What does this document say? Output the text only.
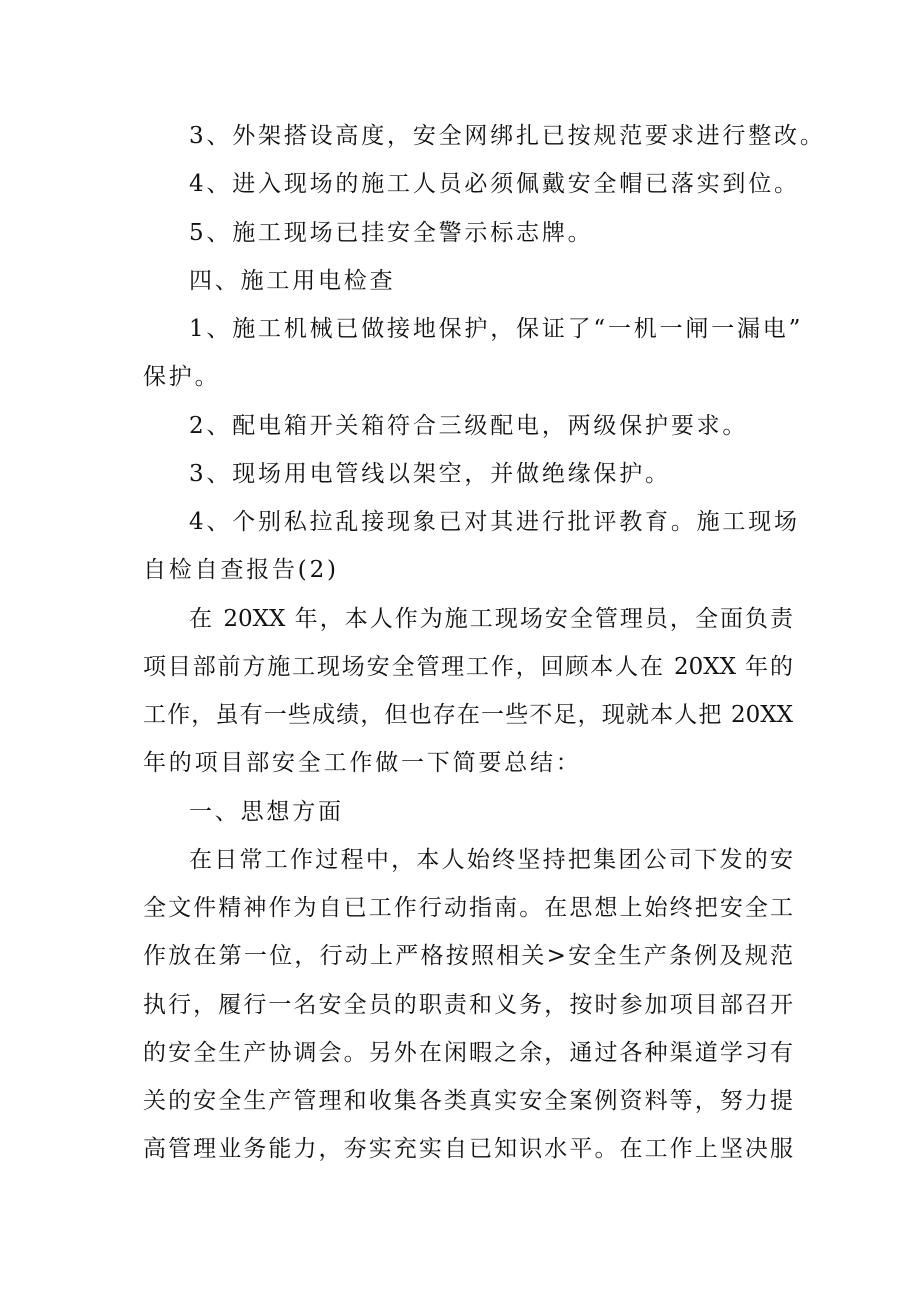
3、外架搭设高度，安全网绑扎已按规范要求进行整改。
4、进入现场的施工人员必须佩戴安全帽已落实到位。
5、施工现场已挂安全警示标志牌。
四、施工用电检查
1、施工机械已做接地保护，保证了“一机一闸一漏电”
保护。
2、配电箱开关箱符合三级配电，两级保护要求。
3、现场用电管线以架空，并做绝缘保护。
4、个别私拉乱接现象已对其进行批评教育。施工现场
自检自查报告(2)
在 20XX 年，本人作为施工现场安全管理员，全面负责
项目部前方施工现场安全管理工作，回顾本人在 20XX 年的
工作，虽有一些成绩，但也存在一些不足，现就本人把 20XX
年的项目部安全工作做一下简要总结：
一、思想方面
在日常工作过程中，本人始终坚持把集团公司下发的安
全文件精神作为自已工作行动指南。在思想上始终把安全工
作放在第一位，行动上严格按照相关>安全生产条例及规范
执行，履行一名安全员的职责和义务，按时参加项目部召开
的安全生产协调会。另外在闲暇之余，通过各种渠道学习有
关的安全生产管理和收集各类真实安全案例资料等，努力提
高管理业务能力，夯实充实自已知识水平。在工作上坚决服
